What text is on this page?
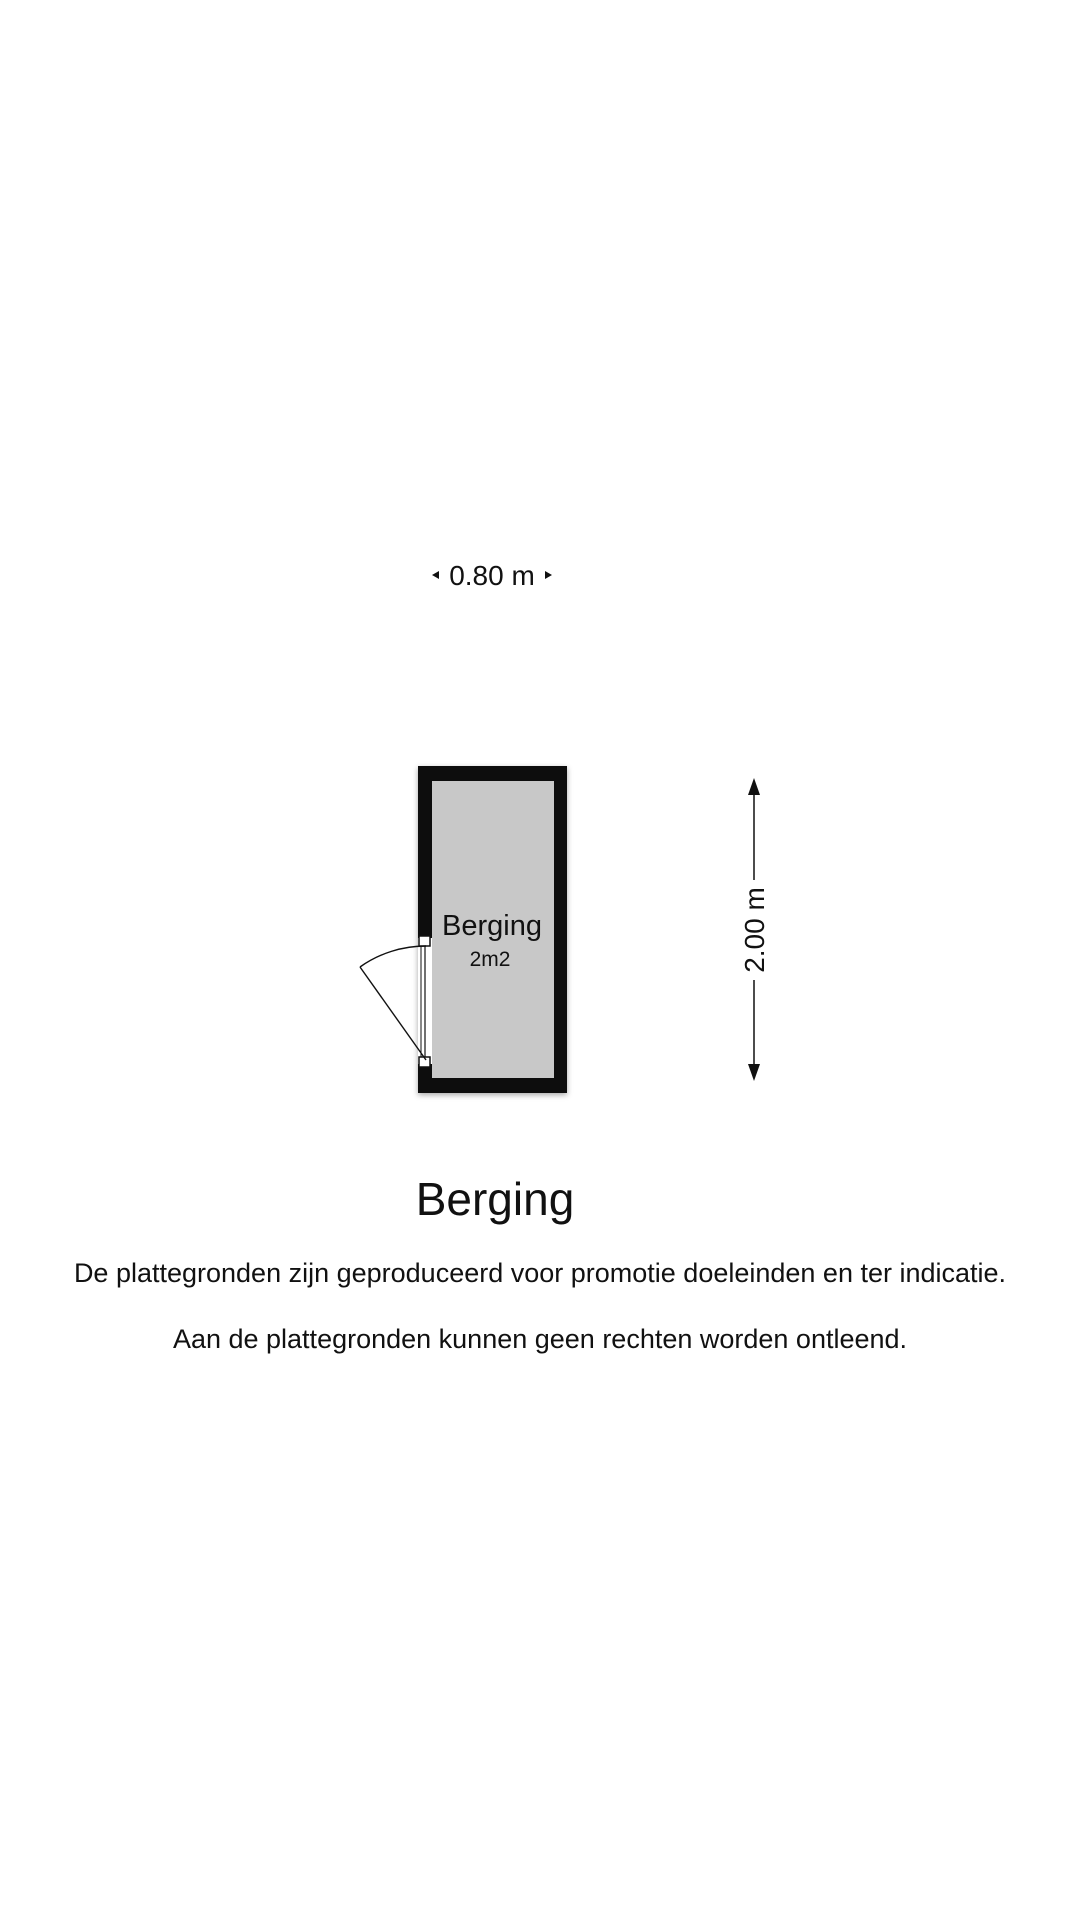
0.80 m
Berging
2m2	2.00 m
Berging
De plattegronden zijn geproduceerd voor promotie doeleinden en ter indicatie.
Aan de plattegronden kunnen geen rechten worden ontleend.
